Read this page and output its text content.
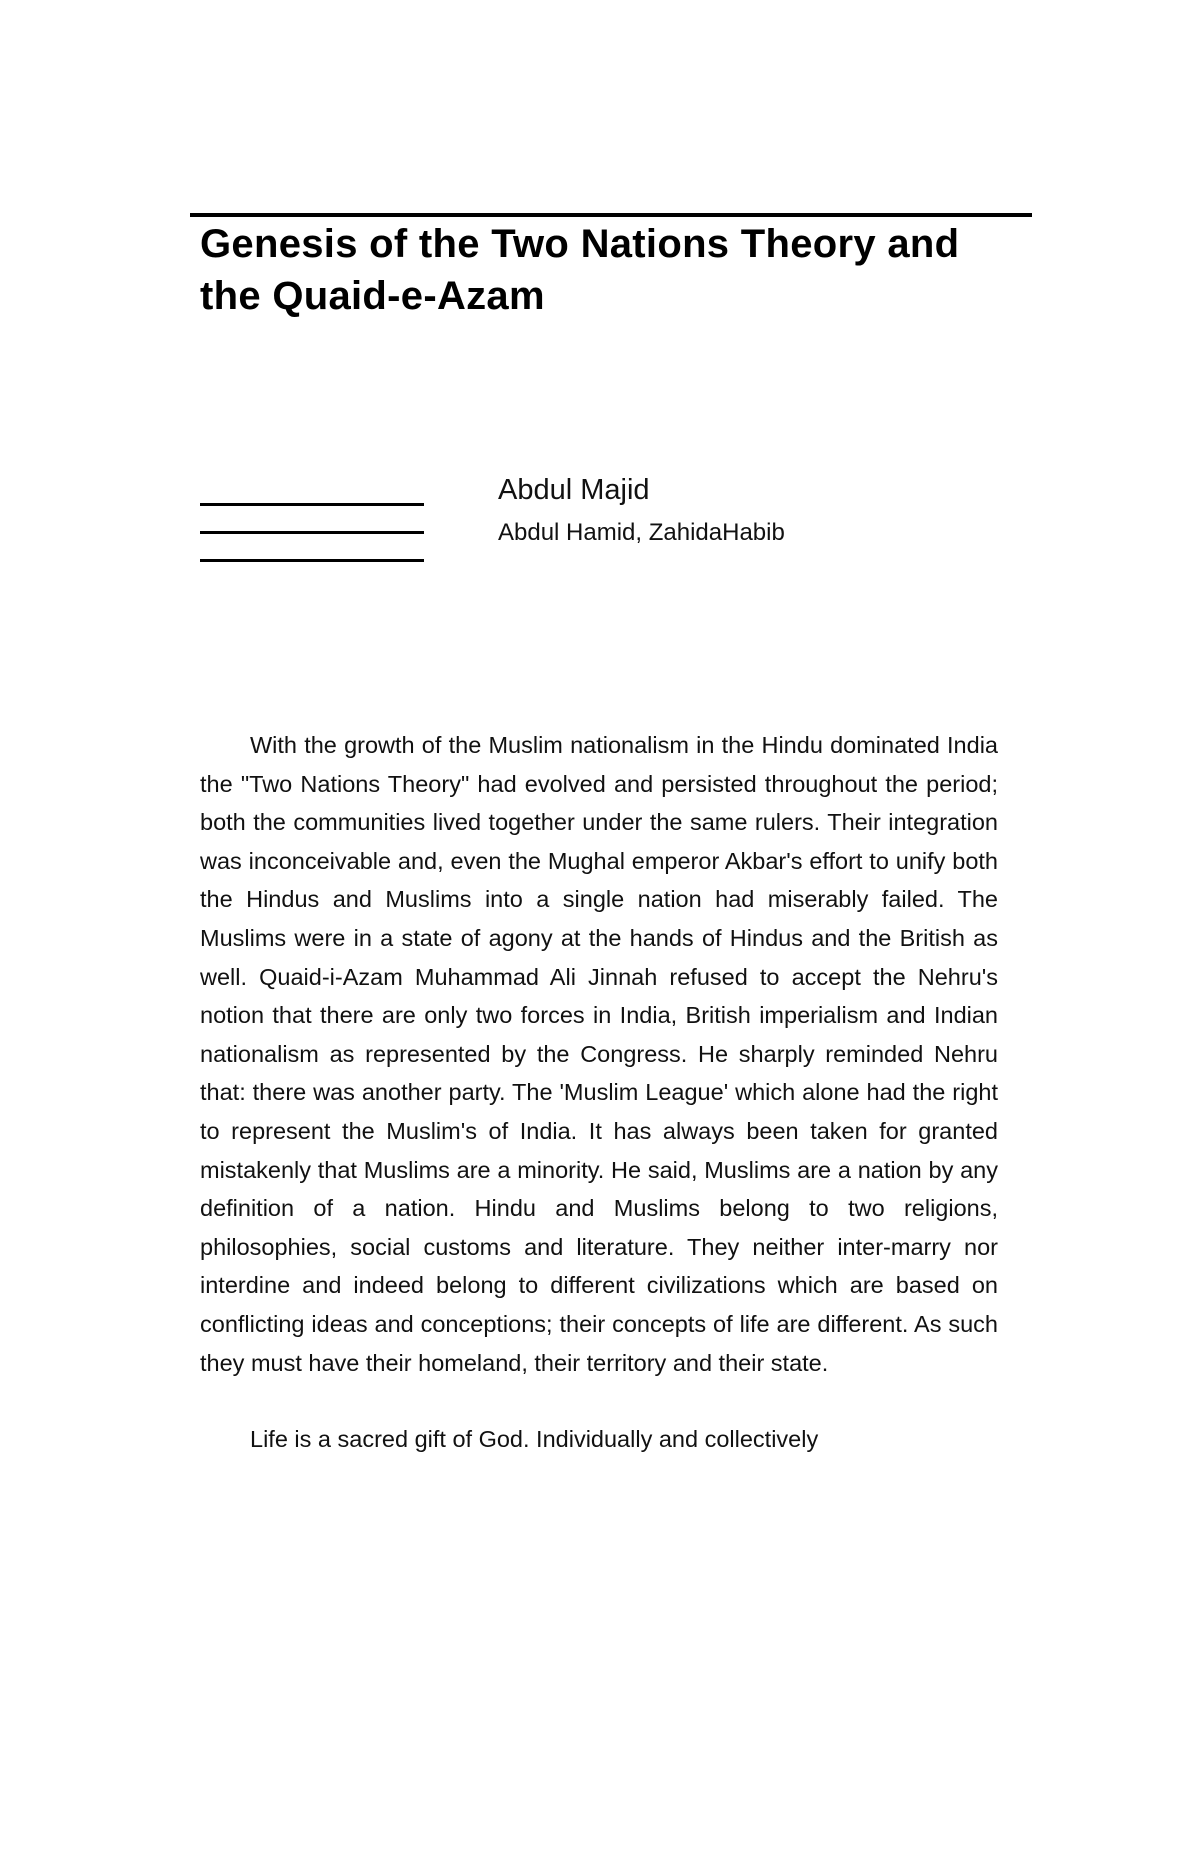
Genesis of the Two Nations Theory and the Quaid-e-Azam
Abdul Majid
Abdul Hamid, ZahidaHabib

With the growth of the Muslim nationalism in the Hindu dominated India the "Two Nations Theory" had evolved and persisted throughout the period; both the communities lived together under the same rulers. Their integration was inconceivable and, even the Mughal emperor Akbar's effort to unify both the Hindus and Muslims into a single nation had miserably failed. The Muslims were in a state of agony at the hands of Hindus and the British as well. Quaid-i-Azam Muhammad Ali Jinnah refused to accept the Nehru's notion that there are only two forces in India, British imperialism and Indian nationalism as represented by the Congress. He sharply reminded Nehru that: there was another party. The 'Muslim League' which alone had the right to represent the Muslim's of India. It has always been taken for granted mistakenly that Muslims are a minority. He said, Muslims are a nation by any definition of a nation. Hindu and Muslims belong to two religions, philosophies, social customs and literature. They neither inter-marry nor interdine and indeed belong to different civilizations which are based on conflicting ideas and conceptions; their concepts of life are different. As such they must have their homeland, their territory and their state.

Life is a sacred gift of God. Individually and collectively
